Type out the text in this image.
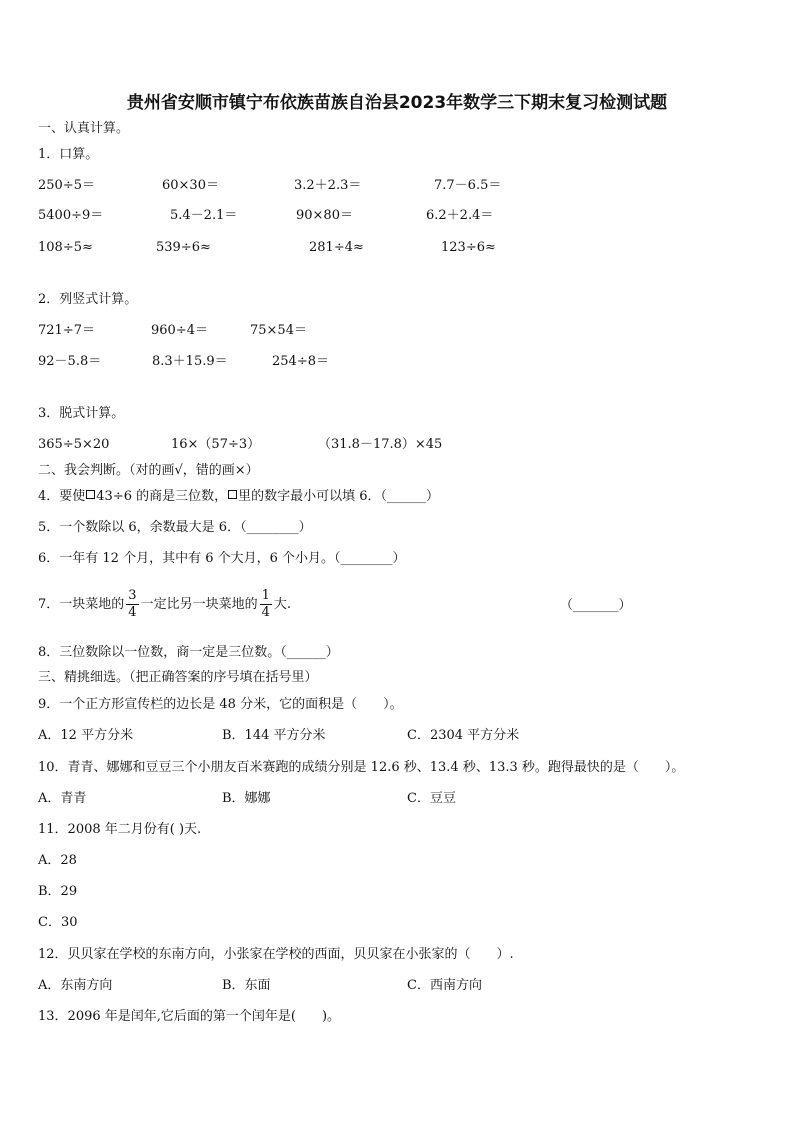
贵州省安顺市镇宁布依族苗族自治县2023年数学三下期末复习检测试题
一、认真计算。
1．口算。
250÷5＝	60×30＝	3.2＋2.3＝	7.7－6.5＝
5400÷9＝	5.4－2.1＝	90×80＝	6.2＋2.4＝
108÷5≈	539÷6≈	281÷4≈	123÷6≈
2．列竖式计算。
721÷7＝	960÷4＝	75×54＝
92－5.8＝	8.3＋15.9＝	254÷8＝
3．脱式计算。
365÷5×20	16×（57÷3）	（31.8－17.8）×45
二、我会判断。（对的画√，错的画×）
4．要使 43÷6 的商是三位数， 里的数字最小可以填 6．（______）
5．一个数除以 6，余数最大是 6．（________）
6．一年有 12 个月，其中有 6 个大月，6 个小月。（________）
7．一块菜地的 $\frac{3}{4}$ 一定比另一块菜地的 $\frac{1}{4}$ 大.	（_______）
8．三位数除以一位数，商一定是三位数。（______）
三、精挑细选。（把正确答案的序号填在括号里）
9．一个正方形宣传栏的边长是 48 分米，它的面积是（　　）。
A．12 平方分米	B．144 平方分米	C．2304 平方分米
10．青青、娜娜和豆豆三个小朋友百米赛跑的成绩分别是 12.6 秒、13.4 秒、13.3 秒。跑得最快的是（　　）。
A．青青	B．娜娜	C．豆豆
11．2008 年二月份有( )天.
A．28
B．29
C．30
12．贝贝家在学校的东南方向，小张家在学校的西面，贝贝家在小张家的（　　）.
A．东南方向	B．东面	C．西南方向
13．2096 年是闰年,它后面的第一个闰年是(　　)。
